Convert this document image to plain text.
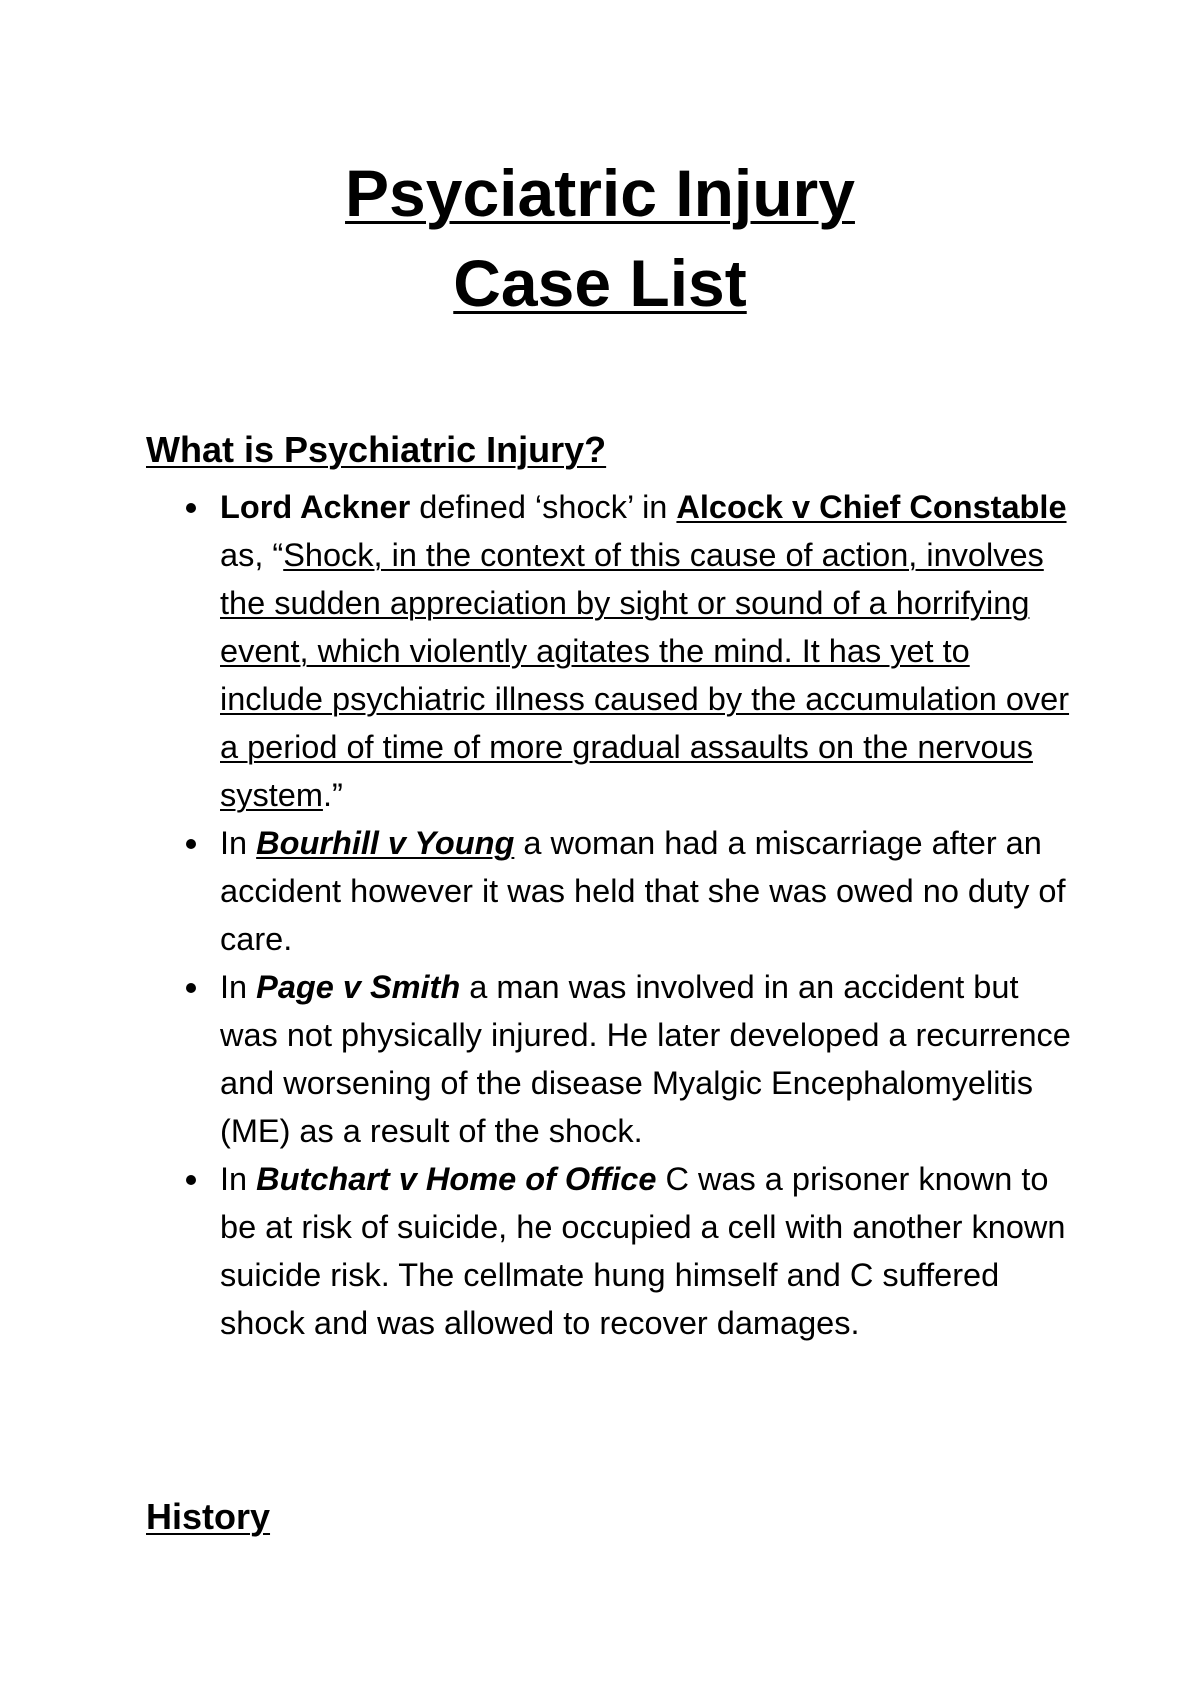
Psyciatric Injury
Case List
What is Psychiatric Injury?
Lord Ackner defined ‘shock’ in Alcock v Chief Constable as, “Shock, in the context of this cause of action, involves the sudden appreciation by sight or sound of a horrifying event, which violently agitates the mind. It has yet to include psychiatric illness caused by the accumulation over a period of time of more gradual assaults on the nervous system.”
In Bourhill v Young a woman had a miscarriage after an accident however it was held that she was owed no duty of care.
In Page v Smith a man was involved in an accident but was not physically injured. He later developed a recurrence and worsening of the disease Myalgic Encephalomyelitis (ME) as a result of the shock.
In Butchart v Home of Office C was a prisoner known to be at risk of suicide, he occupied a cell with another known suicide risk. The cellmate hung himself and C suffered shock and was allowed to recover damages.
History
